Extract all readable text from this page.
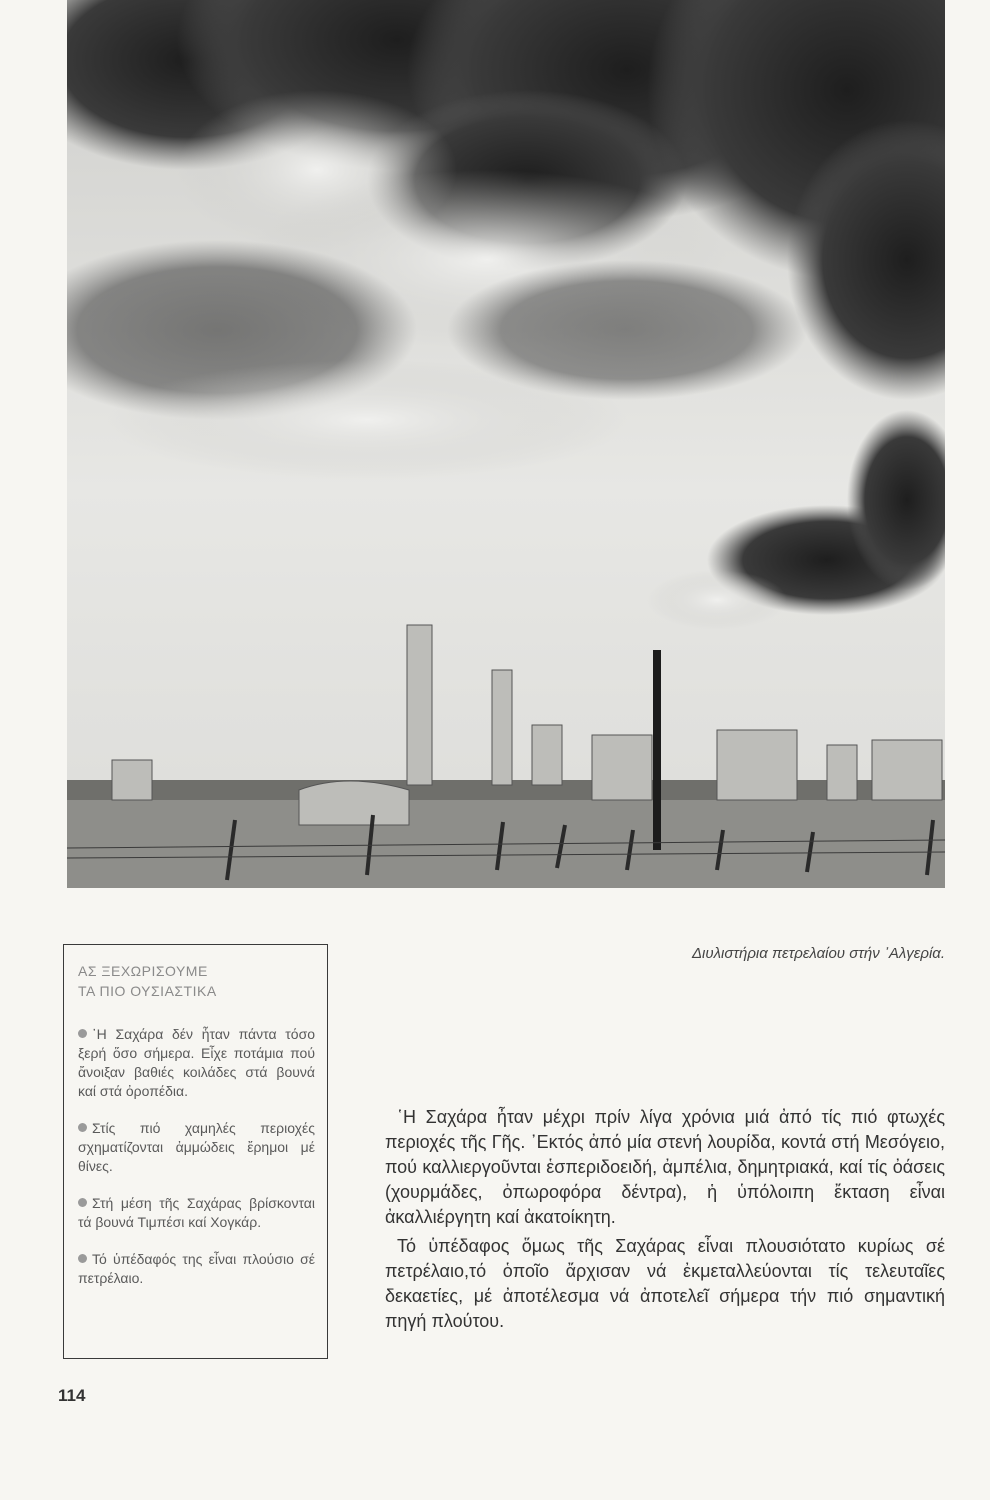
Διυλιστήρια πετρελαίου στήν ᾿Αλγερία.
ΑΣ ΞΕΧΩΡΙΣΟΥΜΕ
ΤΑ ΠΙΟ ΟΥΣΙΑΣΤΙΚΑ
῾Η Σαχάρα δέν ἦταν πάντα τόσο ξερή ὅσο σήμερα. Εἶχε ποτάμια πού ἄνοιξαν βαθιές κοιλάδες στά βουνά καί στά ὀροπέδια.
Στίς πιό χαμηλές περιοχές σχηματίζονται ἀμμώδεις ἔρημοι μέ θίνες.
Στή μέση τῆς Σαχάρας βρίσκονται τά βουνά Τιμπέσι καί Χογκάρ.
Τό ὑπέδαφός της εἶναι πλούσιο σέ πετρέλαιο.

῾Η Σαχάρα ἦταν μέχρι πρίν λίγα χρόνια μιά ἀπό τίς πιό φτωχές περιοχές τῆς Γῆς. ᾿Εκτός ἀπό μία στενή λουρίδα, κοντά στή Μεσόγειο, πού καλλιεργοῦνται ἑσπεριδοειδή, ἀμπέλια, δημητριακά, καί τίς ὀάσεις (χουρμάδες, ὀπωροφόρα δέντρα), ἡ ὑπόλοιπη ἔκταση εἶναι ἀκαλλιέργητη καί ἀκατοίκητη.

Τό ὑπέδαφος ὅμως τῆς Σαχάρας εἶναι πλουσιότατο κυρίως σέ πετρέλαιο,τό ὁποῖο ἄρχισαν νά ἐκμεταλλεύονται τίς τελευταῖες δεκαετίες, μέ ἀποτέλεσμα νά ἀποτελεῖ σήμερα τήν πιό σημαντική πηγή πλούτου.

114
